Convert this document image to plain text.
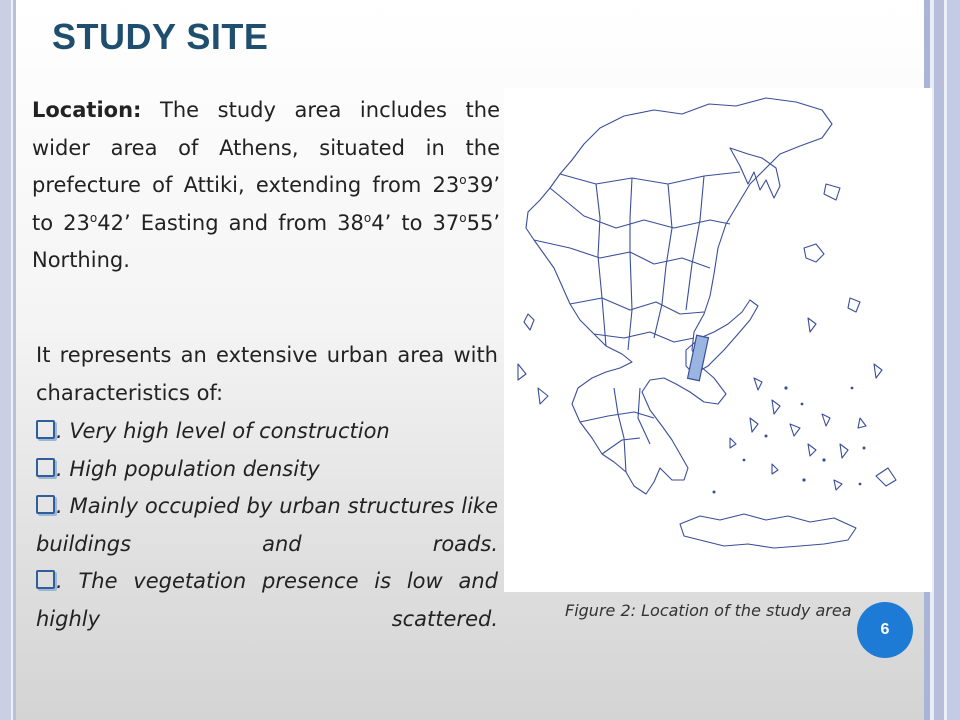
STUDY SITE
Location: The study area includes the wider area of Athens, situated in the prefecture of Attiki, extending from 23$^o$39’ to 23$^o$42’ Easting and from 38$^o$4’ to 37$^o$55’ Northing.
It represents an extensive urban area with characteristics of:
. Very high level of construction
. High population density
. Mainly occupied by urban structures like buildings and roads.
. The vegetation presence is low and highly scattered.	Figure 2: Location of the study area
6
